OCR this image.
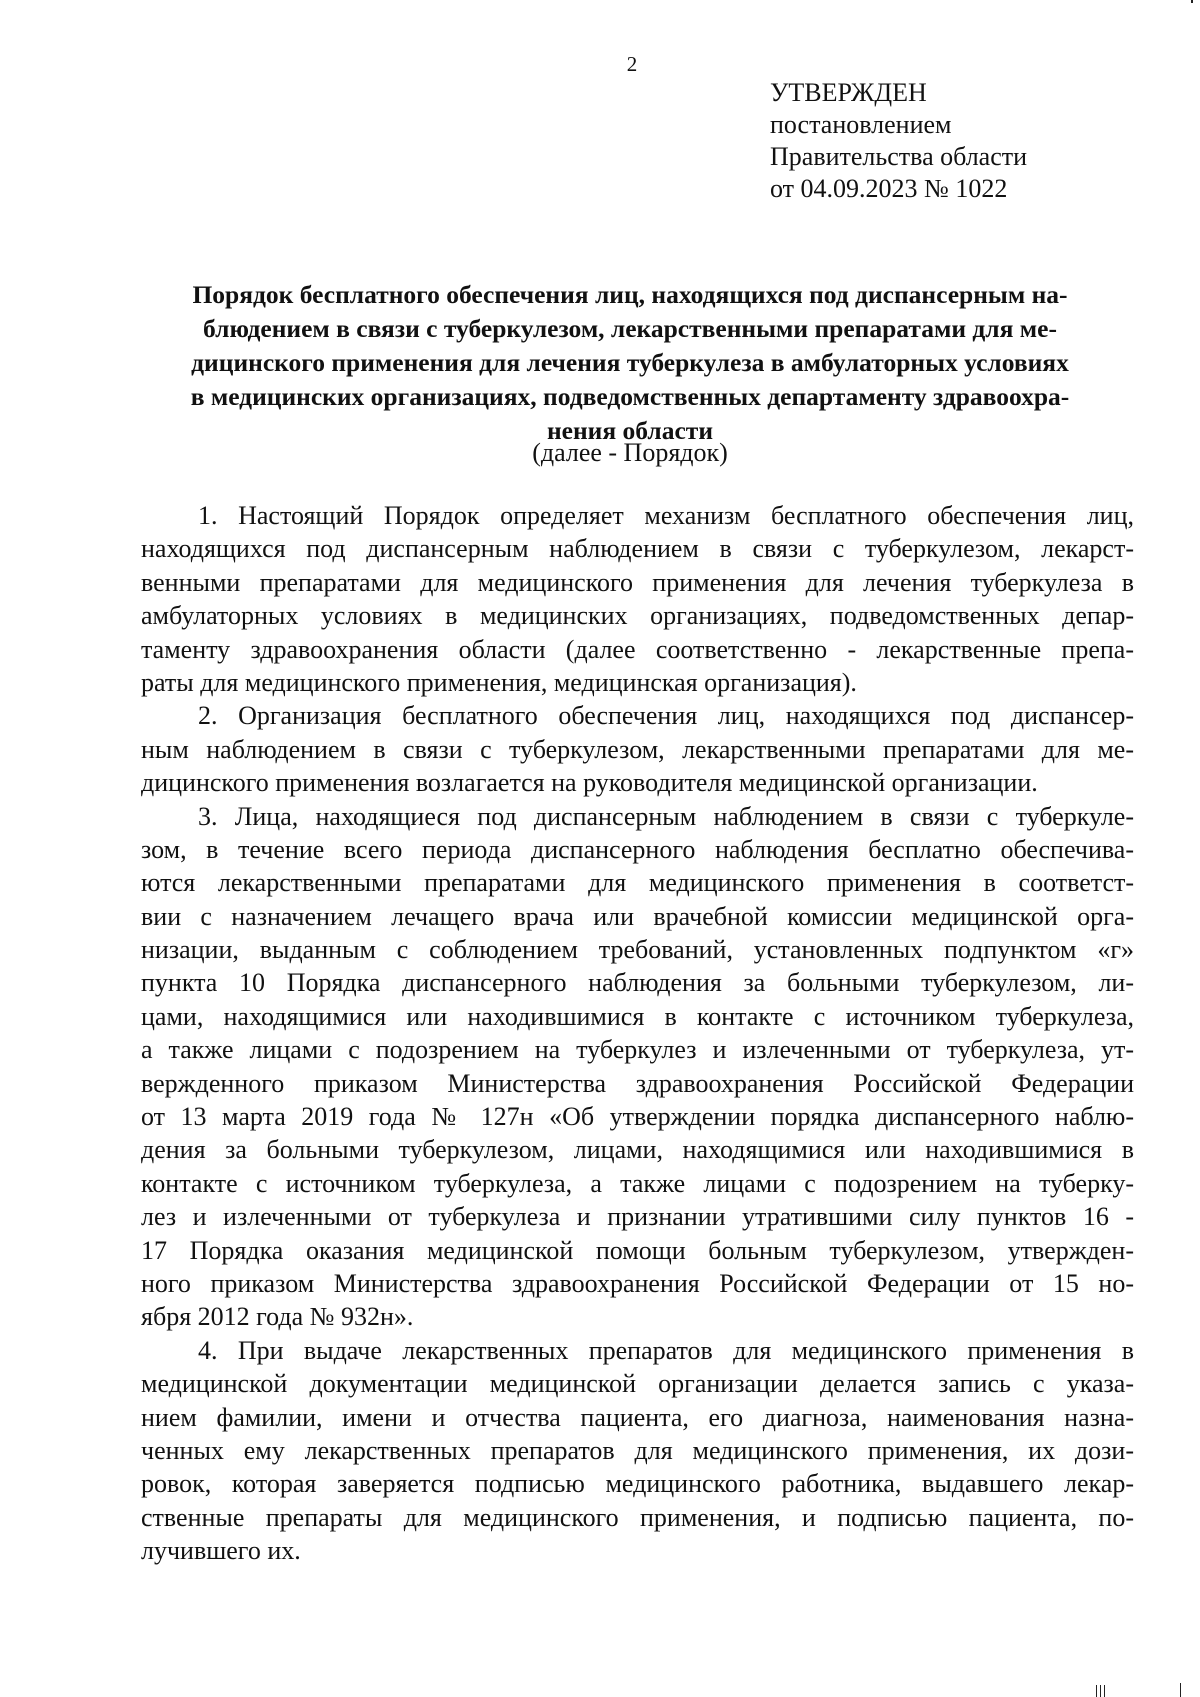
2
УТВЕРЖДЕН
постановлением
Правительства области
от 04.09.2023 № 1022
Порядок бесплатного обеспечения лиц, находящихся под диспансерным на-
блюдением в связи с туберкулезом, лекарственными препаратами для ме-
дицинского применения для лечения туберкулеза в амбулаторных условиях
в медицинских организациях, подведомственных департаменту здравоохра-
нения области
(далее - Порядок)
1. Настоящий Порядок определяет механизм бесплатного обеспечения лиц,
находящихся под диспансерным наблюдением в связи с туберкулезом, лекарст-
венными препаратами для медицинского применения для лечения туберкулеза в
амбулаторных условиях в медицинских организациях, подведомственных депар-
таменту здравоохранения области (далее соответственно - лекарственные препа-
раты для медицинского применения, медицинская организация).
2. Организация бесплатного обеспечения лиц, находящихся под диспансер-
ным наблюдением в связи с туберкулезом, лекарственными препаратами для ме-
дицинского применения возлагается на руководителя медицинской организации.
3. Лица, находящиеся под диспансерным наблюдением в связи с туберкуле-
зом, в течение всего периода диспансерного наблюдения бесплатно обеспечива-
ются лекарственными препаратами для медицинского применения в соответст-
вии с назначением лечащего врача или врачебной комиссии медицинской орга-
низации, выданным с соблюдением требований, установленных подпунктом «г»
пункта 10 Порядка диспансерного наблюдения за больными туберкулезом, ли-
цами, находящимися или находившимися в контакте с источником туберкулеза,
а также лицами с подозрением на туберкулез и излеченными от туберкулеза, ут-
вержденного приказом Министерства здравоохранения Российской Федерации
от 13 марта 2019 года № 127н «Об утверждении порядка диспансерного наблю-
дения за больными туберкулезом, лицами, находящимися или находившимися в
контакте с источником туберкулеза, а также лицами с подозрением на туберку-
лез и излеченными от туберкулеза и признании утратившими силу пунктов 16 -
17 Порядка оказания медицинской помощи больным туберкулезом, утвержден-
ного приказом Министерства здравоохранения Российской Федерации от 15 но-
ября 2012 года № 932н».
4. При выдаче лекарственных препаратов для медицинского применения в
медицинской документации медицинской организации делается запись с указа-
нием фамилии, имени и отчества пациента, его диагноза, наименования назна-
ченных ему лекарственных препаратов для медицинского применения, их дози-
ровок, которая заверяется подписью медицинского работника, выдавшего лекар-
ственные препараты для медицинского применения, и подписью пациента, по-
лучившего их.
